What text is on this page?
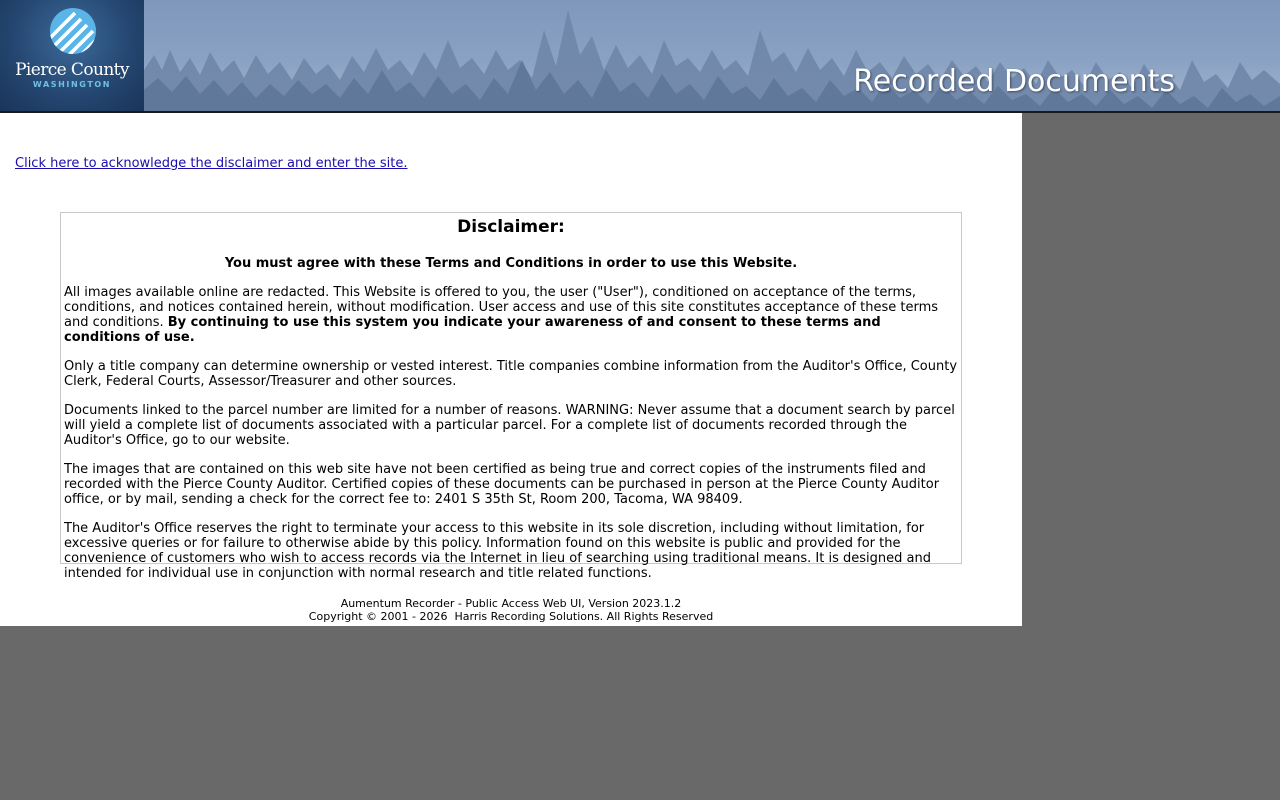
Pierce County
WASHINGTON	Recorded Documents
Click here to acknowledge the disclaimer and enter the site.
Disclaimer:
You must agree with these Terms and Conditions in order to use this Website.

All images available online are redacted. This Website is offered to you, the user ("User"), conditioned on acceptance of the terms, conditions, and notices contained herein, without modification. User access and use of this site constitutes acceptance of these terms and conditions. By continuing to use this system you indicate your awareness of and consent to these terms and conditions of use.

Only a title company can determine ownership or vested interest. Title companies combine information from the Auditor's Office, County Clerk, Federal Courts, Assessor/Treasurer and other sources.

Documents linked to the parcel number are limited for a number of reasons. WARNING: Never assume that a document search by parcel will yield a complete list of documents associated with a particular parcel. For a complete list of documents recorded through the Auditor's Office, go to our website.

The images that are contained on this web site have not been certified as being true and correct copies of the instruments filed and recorded with the Pierce County Auditor. Certified copies of these documents can be purchased in person at the Pierce County Auditor office, or by mail, sending a check for the correct fee to: 2401 S 35th St, Room 200, Tacoma, WA 98409.

The Auditor's Office reserves the right to terminate your access to this website in its sole discretion, including without limitation, for excessive queries or for failure to otherwise abide by this policy. Information found on this website is public and provided for the convenience of customers who wish to access records via the Internet in lieu of searching using traditional means. It is designed and intended for individual use in conjunction with normal research and title related functions.

Aumentum Recorder - Public Access Web UI, Version 2023.1.2
Copyright © 2001 - 2026  Harris Recording Solutions. All Rights Reserved
